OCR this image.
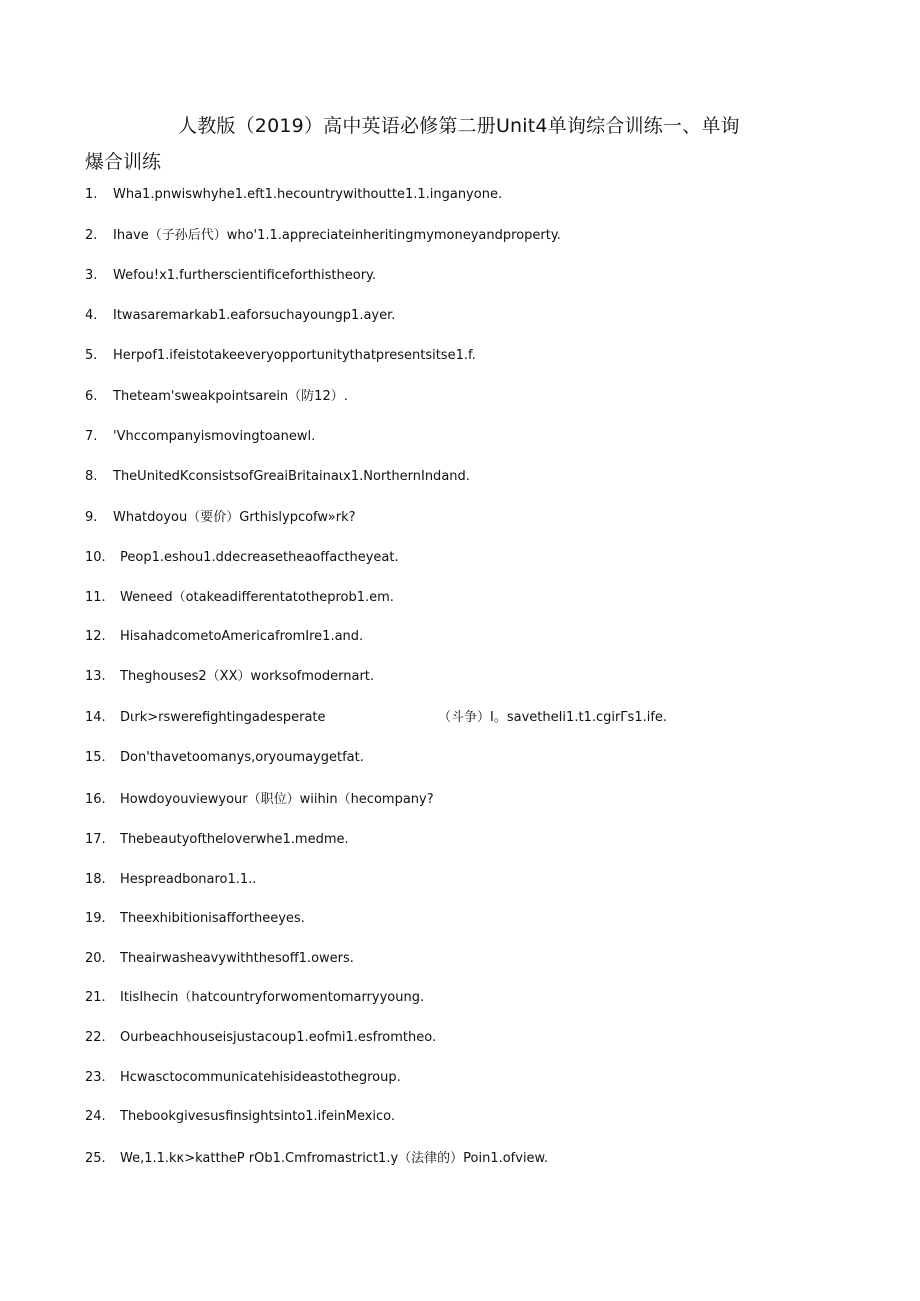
人教版（2019）高中英语必修第二册Unit4单询综合训练一、单询
爆合训练
1. Wha1.pnwiswhyhe1.eft1.hecountrywithoutte1.1.inganyone.
2. Ihave（子孙后代）who'1.1.appreciateinheritingmymoneyandproperty.
3. Wefou!x1.furtherscientificeforthistheory.
4. Itwasaremarkab1.eaforsuchayoungp1.ayer.
5. Herpof1.ifeistotakeeveryopportunitythatpresentsitse1.f.
6. Theteam'sweakpointsarein（防12）.
7. 'Vhccompanyismovingtoanewl.
8. TheUnitedKconsistsofGreaiBritainaιx1.NorthernIndand.
9. Whatdoyou（要价）Grthislypcofw»rk?
10. Peop1.eshou1.ddecreasetheaoffactheyeat.
11. Weneed（otakeadifferentatotheprob1.em.
12. HisahadcometoAmericafromIre1.and.
13. Theghouses2（XX）worksofmodernart.
14. Dιrk>rswerefightingadesperate	（斗争）I。savetheIi1.t1.cgirΓs1.ife.
15. Don'thavetoomanys,oryoumaygetfat.
16. Howdoyouviewyour（职位）wiihin（hecompany?
17. Thebeautyoftheloverwhe1.medme.
18. Hespreadbonaro1.1..
19. Theexhibitionisaffortheeyes.
20. Theairwasheavywiththesoff1.owers.
21. ItisIhecin（hatcountryforwomentomarryyoung.
22. Ourbeachhouseisjustacoup1.eofmi1.esfromtheo.
23. Hcwasctocommunicatehisideastothegroup.
24. Thebookgivesusfinsightsinto1.ifeinMexico.
25. We,1.1.kκ>kattheP rOb1.Cmfromastrict1.y（法律的）Poin1.ofview.
